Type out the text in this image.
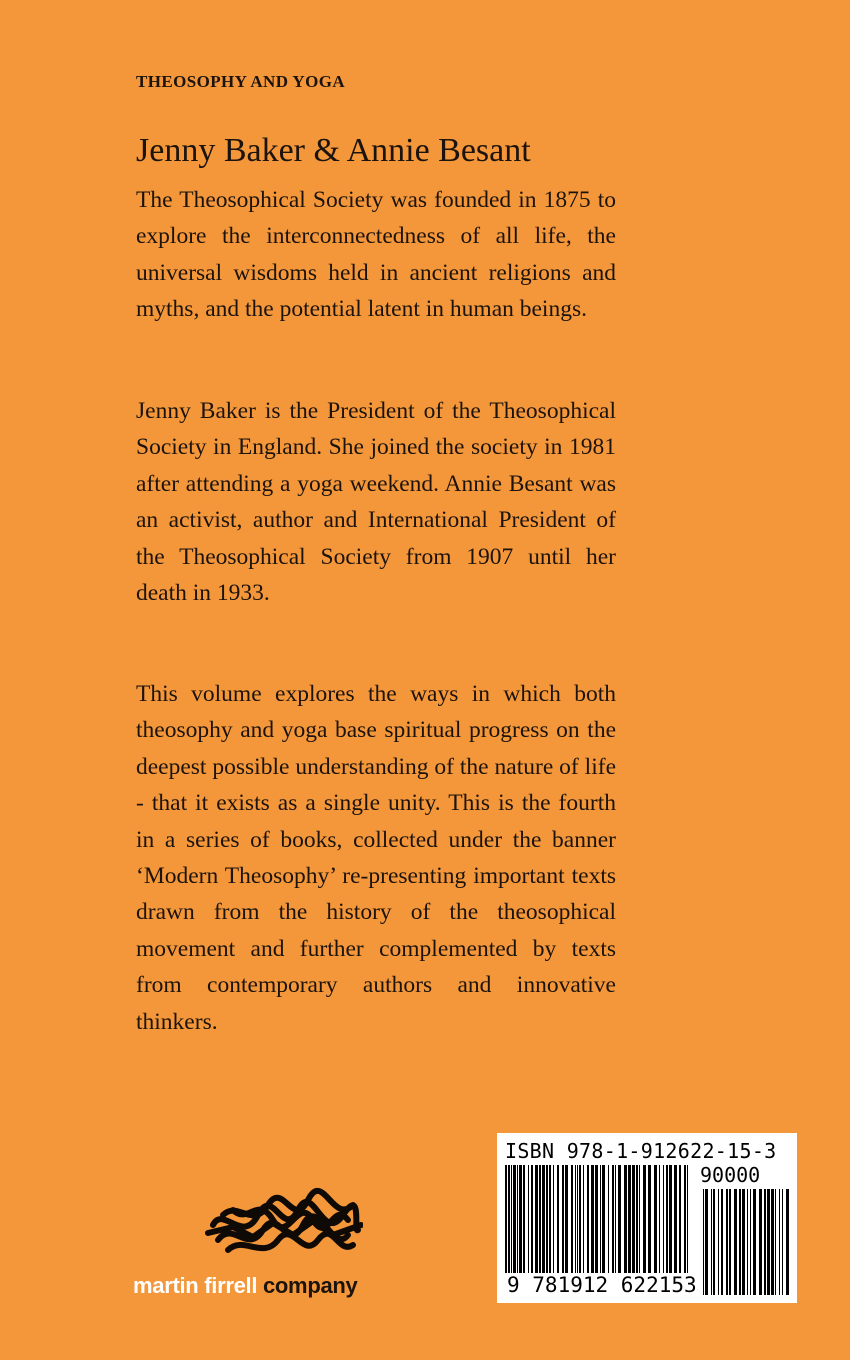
THEOSOPHY AND YOGA
Jenny Baker & Annie Besant

The Theosophical Society was founded in 1875 to explore the interconnectedness of all life, the universal wisdoms held in ancient religions and myths, and the potential latent in human beings.

Jenny Baker is the President of the Theosophical Society in England. She joined the society in 1981 after attending a yoga weekend. Annie Besant was an activist, author and International President of the Theosophical Society from 1907 until her death in 1933.

This volume explores the ways in which both theosophy and yoga base spiritual progress on the deepest possible understanding of the nature of life - that it exists as a single unity. This is the fourth in a series of books, collected under the banner ‘Modern Theosophy’ re-presenting important texts drawn from the history of the theosophical movement and further complemented by texts from contemporary authors and innovative thinkers.

martin firrell company
ISBN 978-1-912622-15-3
90000
9 781912 622153
